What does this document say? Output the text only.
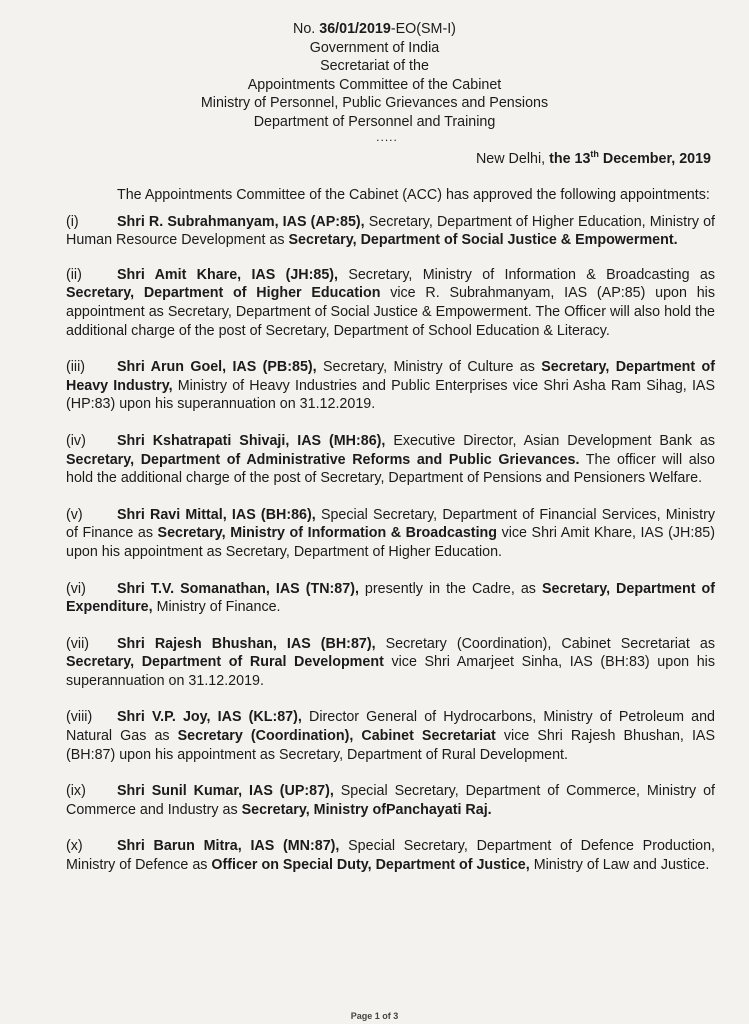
No. 36/01/2019-EO(SM-I)
Government of India
Secretariat of the
Appointments Committee of the Cabinet
Ministry of Personnel, Public Grievances and Pensions
Department of Personnel and Training
.....
New Delhi, the 13th December, 2019

The Appointments Committee of the Cabinet (ACC) has approved the following appointments:

(i)	Shri R. Subrahmanyam, IAS (AP:85), Secretary, Department of Higher Education, Ministry of Human Resource Development as Secretary, Department of Social Justice & Empowerment.

(ii) Shri Amit Khare, IAS (JH:85), Secretary, Ministry of Information & Broadcasting as Secretary, Department of Higher Education vice R. Subrahmanyam, IAS (AP:85) upon his appointment as Secretary, Department of Social Justice & Empowerment. The Officer will also hold the additional charge of the post of Secretary, Department of School Education & Literacy.

(iii) Shri Arun Goel, IAS (PB:85), Secretary, Ministry of Culture as Secretary, Department of Heavy Industry, Ministry of Heavy Industries and Public Enterprises vice Shri Asha Ram Sihag, IAS (HP:83) upon his superannuation on 31.12.2019.

(iv) Shri Kshatrapati Shivaji, IAS (MH:86), Executive Director, Asian Development Bank as Secretary, Department of Administrative Reforms and Public Grievances. The officer will also hold the additional charge of the post of Secretary, Department of Pensions and Pensioners Welfare.

(v) Shri Ravi Mittal, IAS (BH:86), Special Secretary, Department of Financial Services, Ministry of Finance as Secretary, Ministry of Information & Broadcasting vice Shri Amit Khare, IAS (JH:85) upon his appointment as Secretary, Department of Higher Education.

(vi) Shri T.V. Somanathan, IAS (TN:87), presently in the Cadre, as Secretary, Department of Expenditure, Ministry of Finance.

(vii) Shri Rajesh Bhushan, IAS (BH:87), Secretary (Coordination), Cabinet Secretariat as Secretary, Department of Rural Development vice Shri Amarjeet Sinha, IAS (BH:83) upon his superannuation on 31.12.2019.

(viii) Shri V.P. Joy, IAS (KL:87), Director General of Hydrocarbons, Ministry of Petroleum and Natural Gas as Secretary (Coordination), Cabinet Secretariat vice Shri Rajesh Bhushan, IAS (BH:87) upon his appointment as Secretary, Department of Rural Development.

(ix) Shri Sunil Kumar, IAS (UP:87), Special Secretary, Department of Commerce, Ministry of Commerce and Industry as Secretary, Ministry ofPanchayati Raj.

(x) Shri Barun Mitra, IAS (MN:87), Special Secretary, Department of Defence Production, Ministry of Defence as Officer on Special Duty, Department of Justice, Ministry of Law and Justice.

Page 1 of 3
